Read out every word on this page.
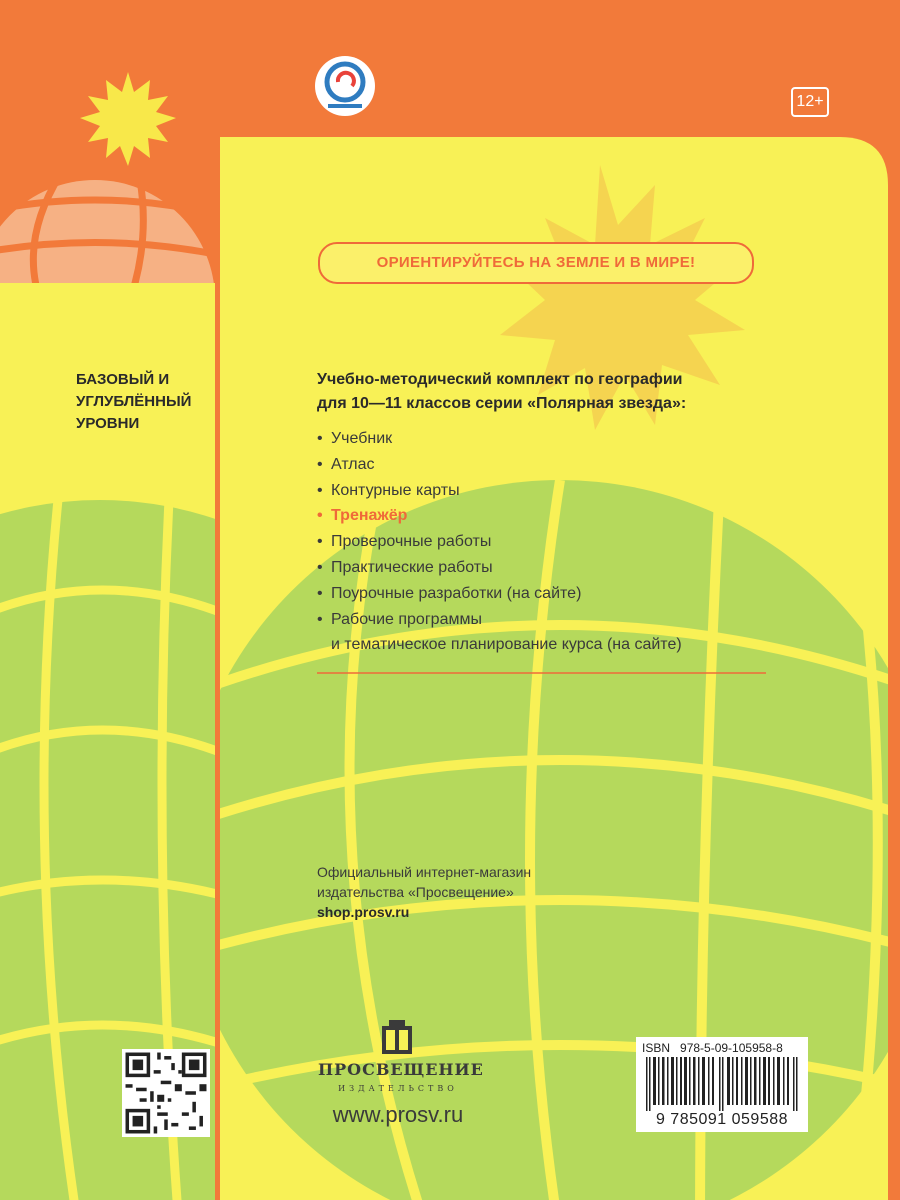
12+
ОРИЕНТИРУЙТЕСЬ НА ЗЕМЛЕ И В МИРЕ!
БАЗОВЫЙ И
УГЛУБЛЁННЫЙ
УРОВНИ
Учебно-методический комплект по географии
для 10—11 классов серии «Полярная звезда»:
• Учебник
• Атлас
• Контурные карты
• Тренажёр
• Проверочные работы
• Практические работы
• Поурочные разработки (на сайте)
• Рабочие программы
и тематическое планирование курса (на сайте)
Официальный интернет-магазин
издательства «Просвещение»
shop.prosv.ru
ПРОСВЕЩЕНИЕ
ИЗДАТЕЛЬСТВО
www.prosv.ru
ISBN 978-5-09-105958-8
9 785091 059588
